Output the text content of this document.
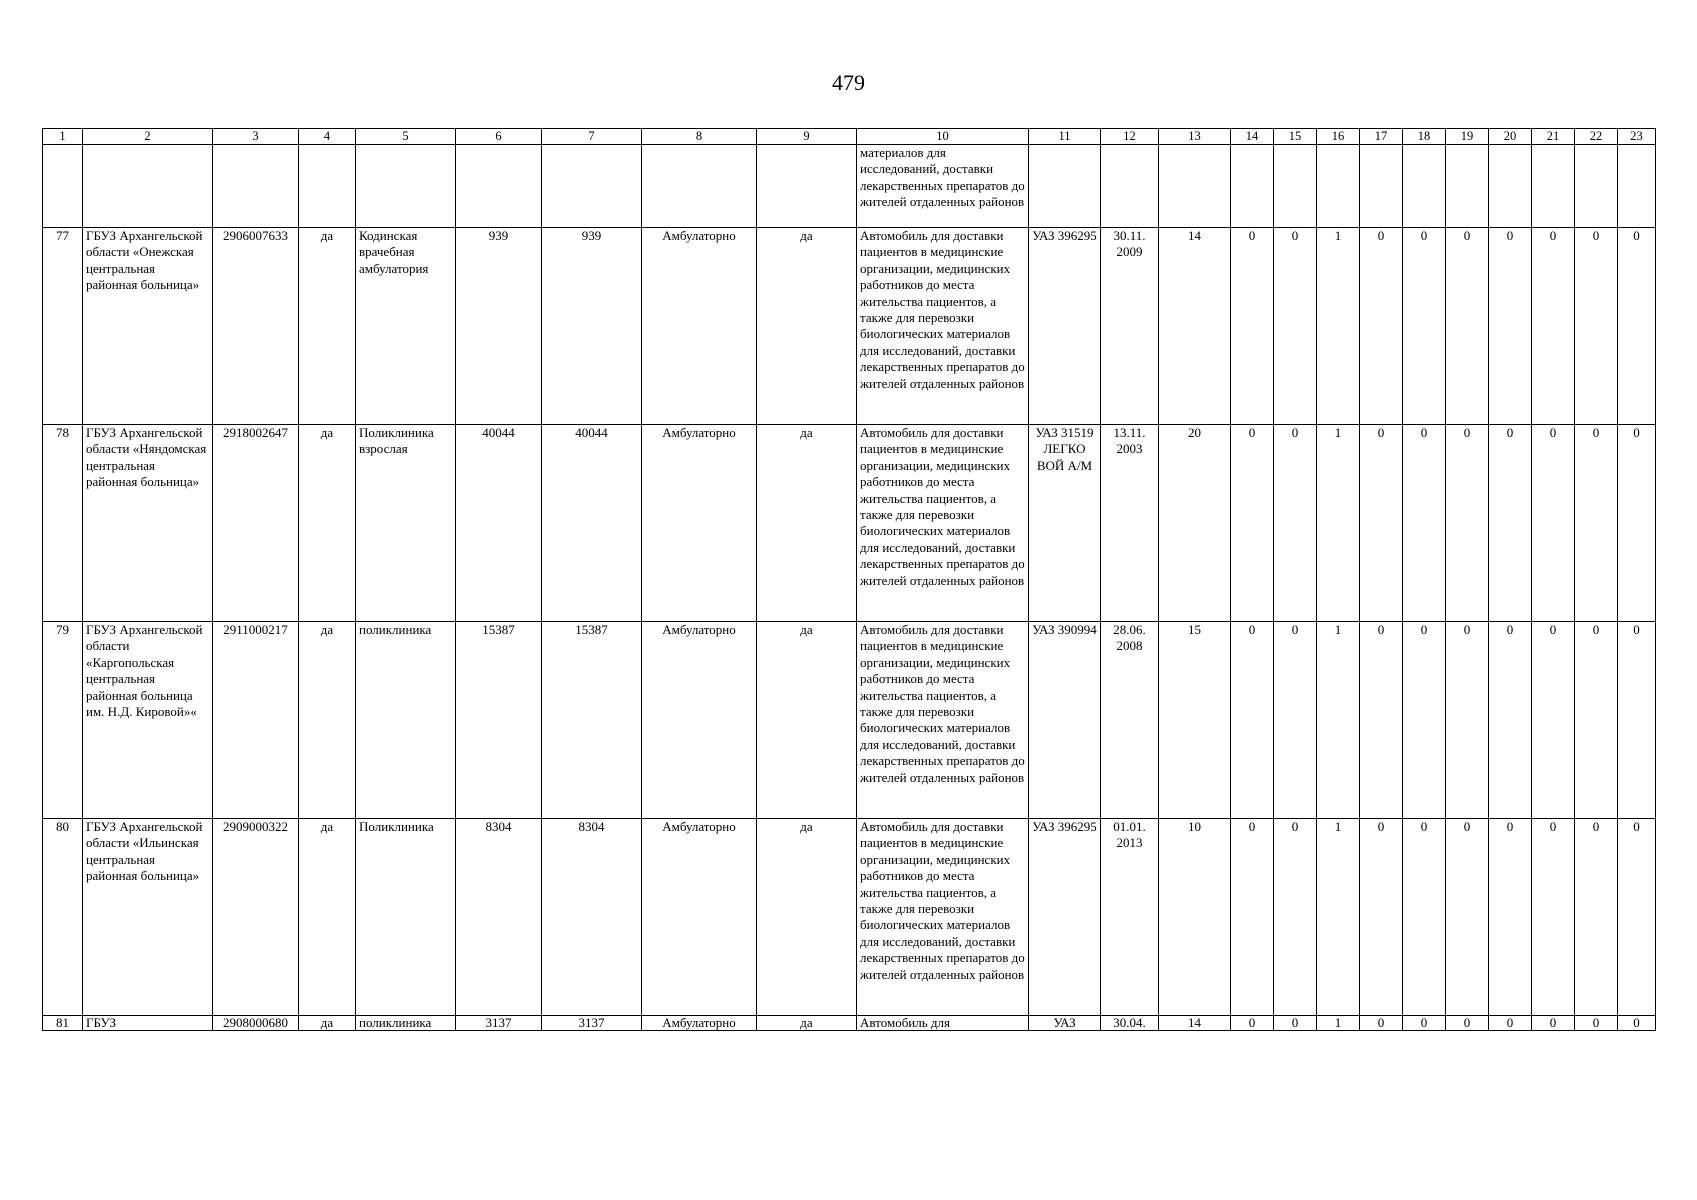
479
1	2	3	4	5	6	7	8	9	10	11	12	13	14	15	16	17	18	19	20	21	22	23
									материалов для исследований, доставки лекарственных препаратов до жителей отдаленных районов													
77	ГБУЗ Архангельской области «Онежская центральная районная больница»	2906007633	да	Кодинская врачебная амбулатория	939	939	Амбулаторно	да	Автомобиль для доставки пациентов в медицинские организации, медицинских работников до места жительства пациентов, а также для перевозки биологических материалов для исследований, доставки лекарственных препаратов до жителей отдаленных районов	УАЗ 396295	30.11. 2009	14	0	0	1	0	0	0	0	0	0	0
78	ГБУЗ Архангельской области «Няндомская центральная районная больница»	2918002647	да	Поликлиника взрослая	40044	40044	Амбулаторно	да	Автомобиль для доставки пациентов в медицинские организации, медицинских работников до места жительства пациентов, а также для перевозки биологических материалов для исследований, доставки лекарственных препаратов до жителей отдаленных районов	УАЗ 31519 ЛЕГКО ВОЙ А/М	13.11. 2003	20	0	0	1	0	0	0	0	0	0	0
79	ГБУЗ Архангельской области «Каргопольская центральная районная больница им. Н.Д. Кировой»«	2911000217	да	поликлиника	15387	15387	Амбулаторно	да	Автомобиль для доставки пациентов в медицинские организации, медицинских работников до места жительства пациентов, а также для перевозки биологических материалов для исследований, доставки лекарственных препаратов до жителей отдаленных районов	УАЗ 390994	28.06. 2008	15	0	0	1	0	0	0	0	0	0	0
80	ГБУЗ Архангельской области «Ильинская центральная районная больница»	2909000322	да	Поликлиника	8304	8304	Амбулаторно	да	Автомобиль для доставки пациентов в медицинские организации, медицинских работников до места жительства пациентов, а также для перевозки биологических материалов для исследований, доставки лекарственных препаратов до жителей отдаленных районов	УАЗ 396295	01.01. 2013	10	0	0	1	0	0	0	0	0	0	0
81	ГБУЗ	2908000680	да	поликлиника	3137	3137	Амбулаторно	да	Автомобиль для	УАЗ	30.04.	14	0	0	1	0	0	0	0	0	0	0
